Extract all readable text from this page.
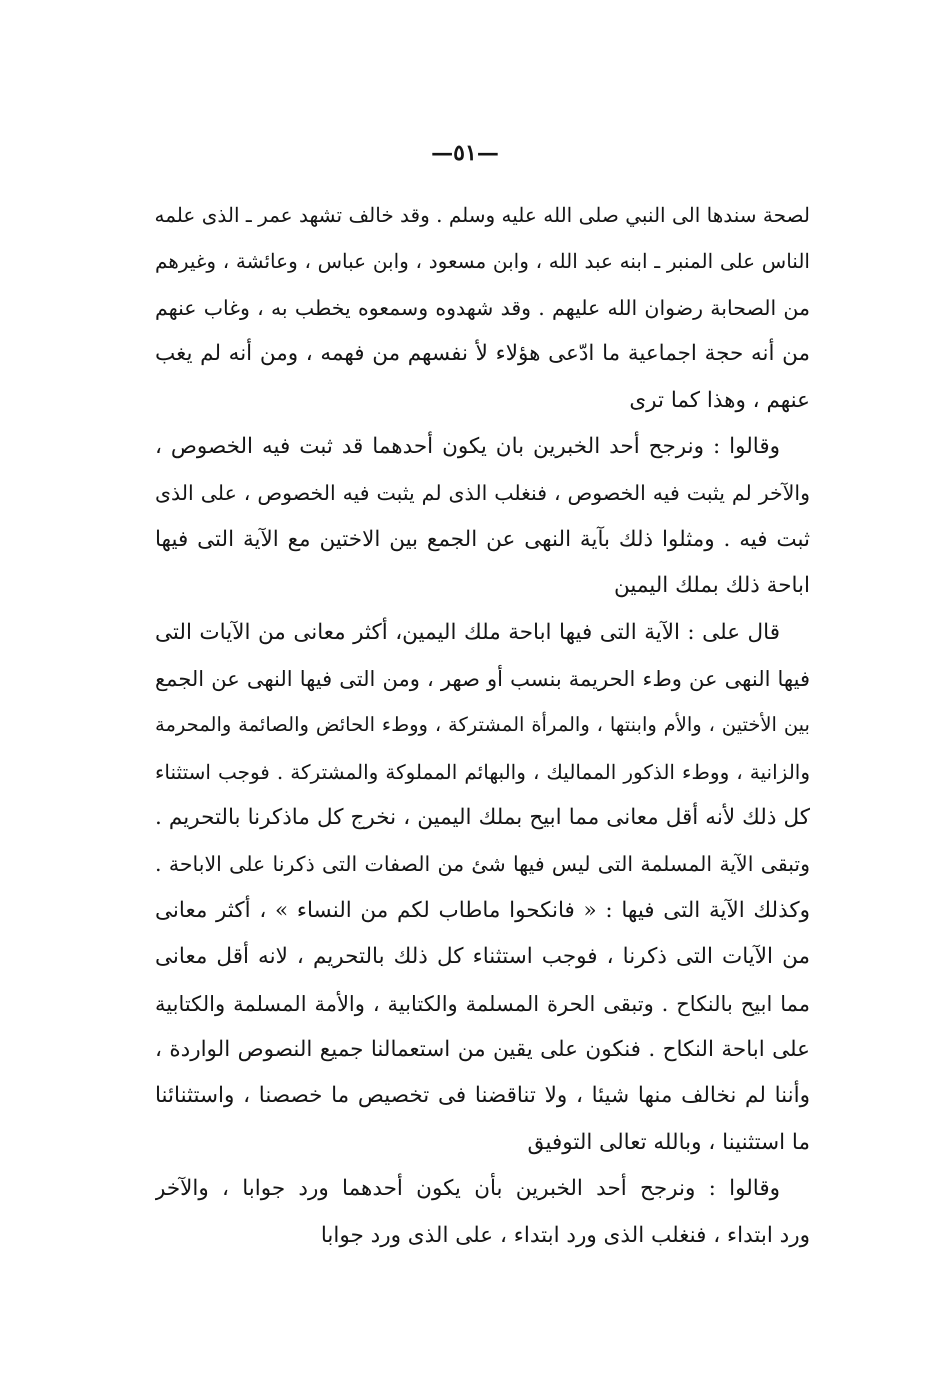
—٥١—
لصحة سندها الى النبي صلى الله عليه وسلم . وقد خالف تشهد عمر ـ الذى علمه
الناس على المنبر ـ ابنه عبد الله ، وابن مسعود ، وابن عباس ، وعائشة ، وغيرهم
من الصحابة رضوان الله عليهم . وقد شهدوه وسمعوه يخطب به ، وغاب عنهم
من أنه حجة اجماعية ما ادّعى هؤلاء لأ نفسهم من فهمه ، ومن أنه لم يغب
عنهم ، وهذا كما ترى
وقالوا : ونرجح أحد الخبرين بان يكون أحدهما قد ثبت فيه الخصوص ،
والآخر لم يثبت فيه الخصوص ، فنغلب الذى لم يثبت فيه الخصوص ، على الذى
ثبت فيه . ومثلوا ذلك بآية النهى عن الجمع بين الاختين مع الآية التى فيها
اباحة ذلك بملك اليمين
قال على : الآية التى فيها اباحة ملك اليمين، أكثر معانى من الآيات التى
فيها النهى عن وطء الحريمة بنسب أو صهر ، ومن التى فيها النهى عن الجمع
بين الأختين ، والأم وابنتها ، والمرأة المشتركة ، ووطء الحائض والصائمة والمحرمة
والزانية ، ووطء الذكور المماليك ، والبهائم المملوكة والمشتركة . فوجب استثناء
كل ذلك لأنه أقل معانى مما ابيح بملك اليمين ، نخرج كل ماذكرنا بالتحريم .
وتبقى الآية المسلمة التى ليس فيها شئ من الصفات التى ذكرنا على الاباحة .
وكذلك الآية التى فيها : « فانكحوا ماطاب لكم من النساء » ، أكثر معانى
من الآيات التى ذكرنا ، فوجب استثناء كل ذلك بالتحريم ، لانه أقل معانى
مما ابيح بالنكاح . وتبقى الحرة المسلمة والكتابية ، والأمة المسلمة والكتابية
على اباحة النكاح . فنكون على يقين من استعمالنا جميع النصوص الواردة ،
وأننا لم نخالف منها شيئا ، ولا تناقضنا فى تخصيص ما خصصنا ، واستثنائنا
ما استثنينا ، وبالله تعالى التوفيق
وقالوا : ونرجح أحد الخبرين بأن يكون أحدهما ورد جوابا ، والآخر
ورد ابتداء ، فنغلب الذى ورد ابتداء ، على الذى ورد جوابا
